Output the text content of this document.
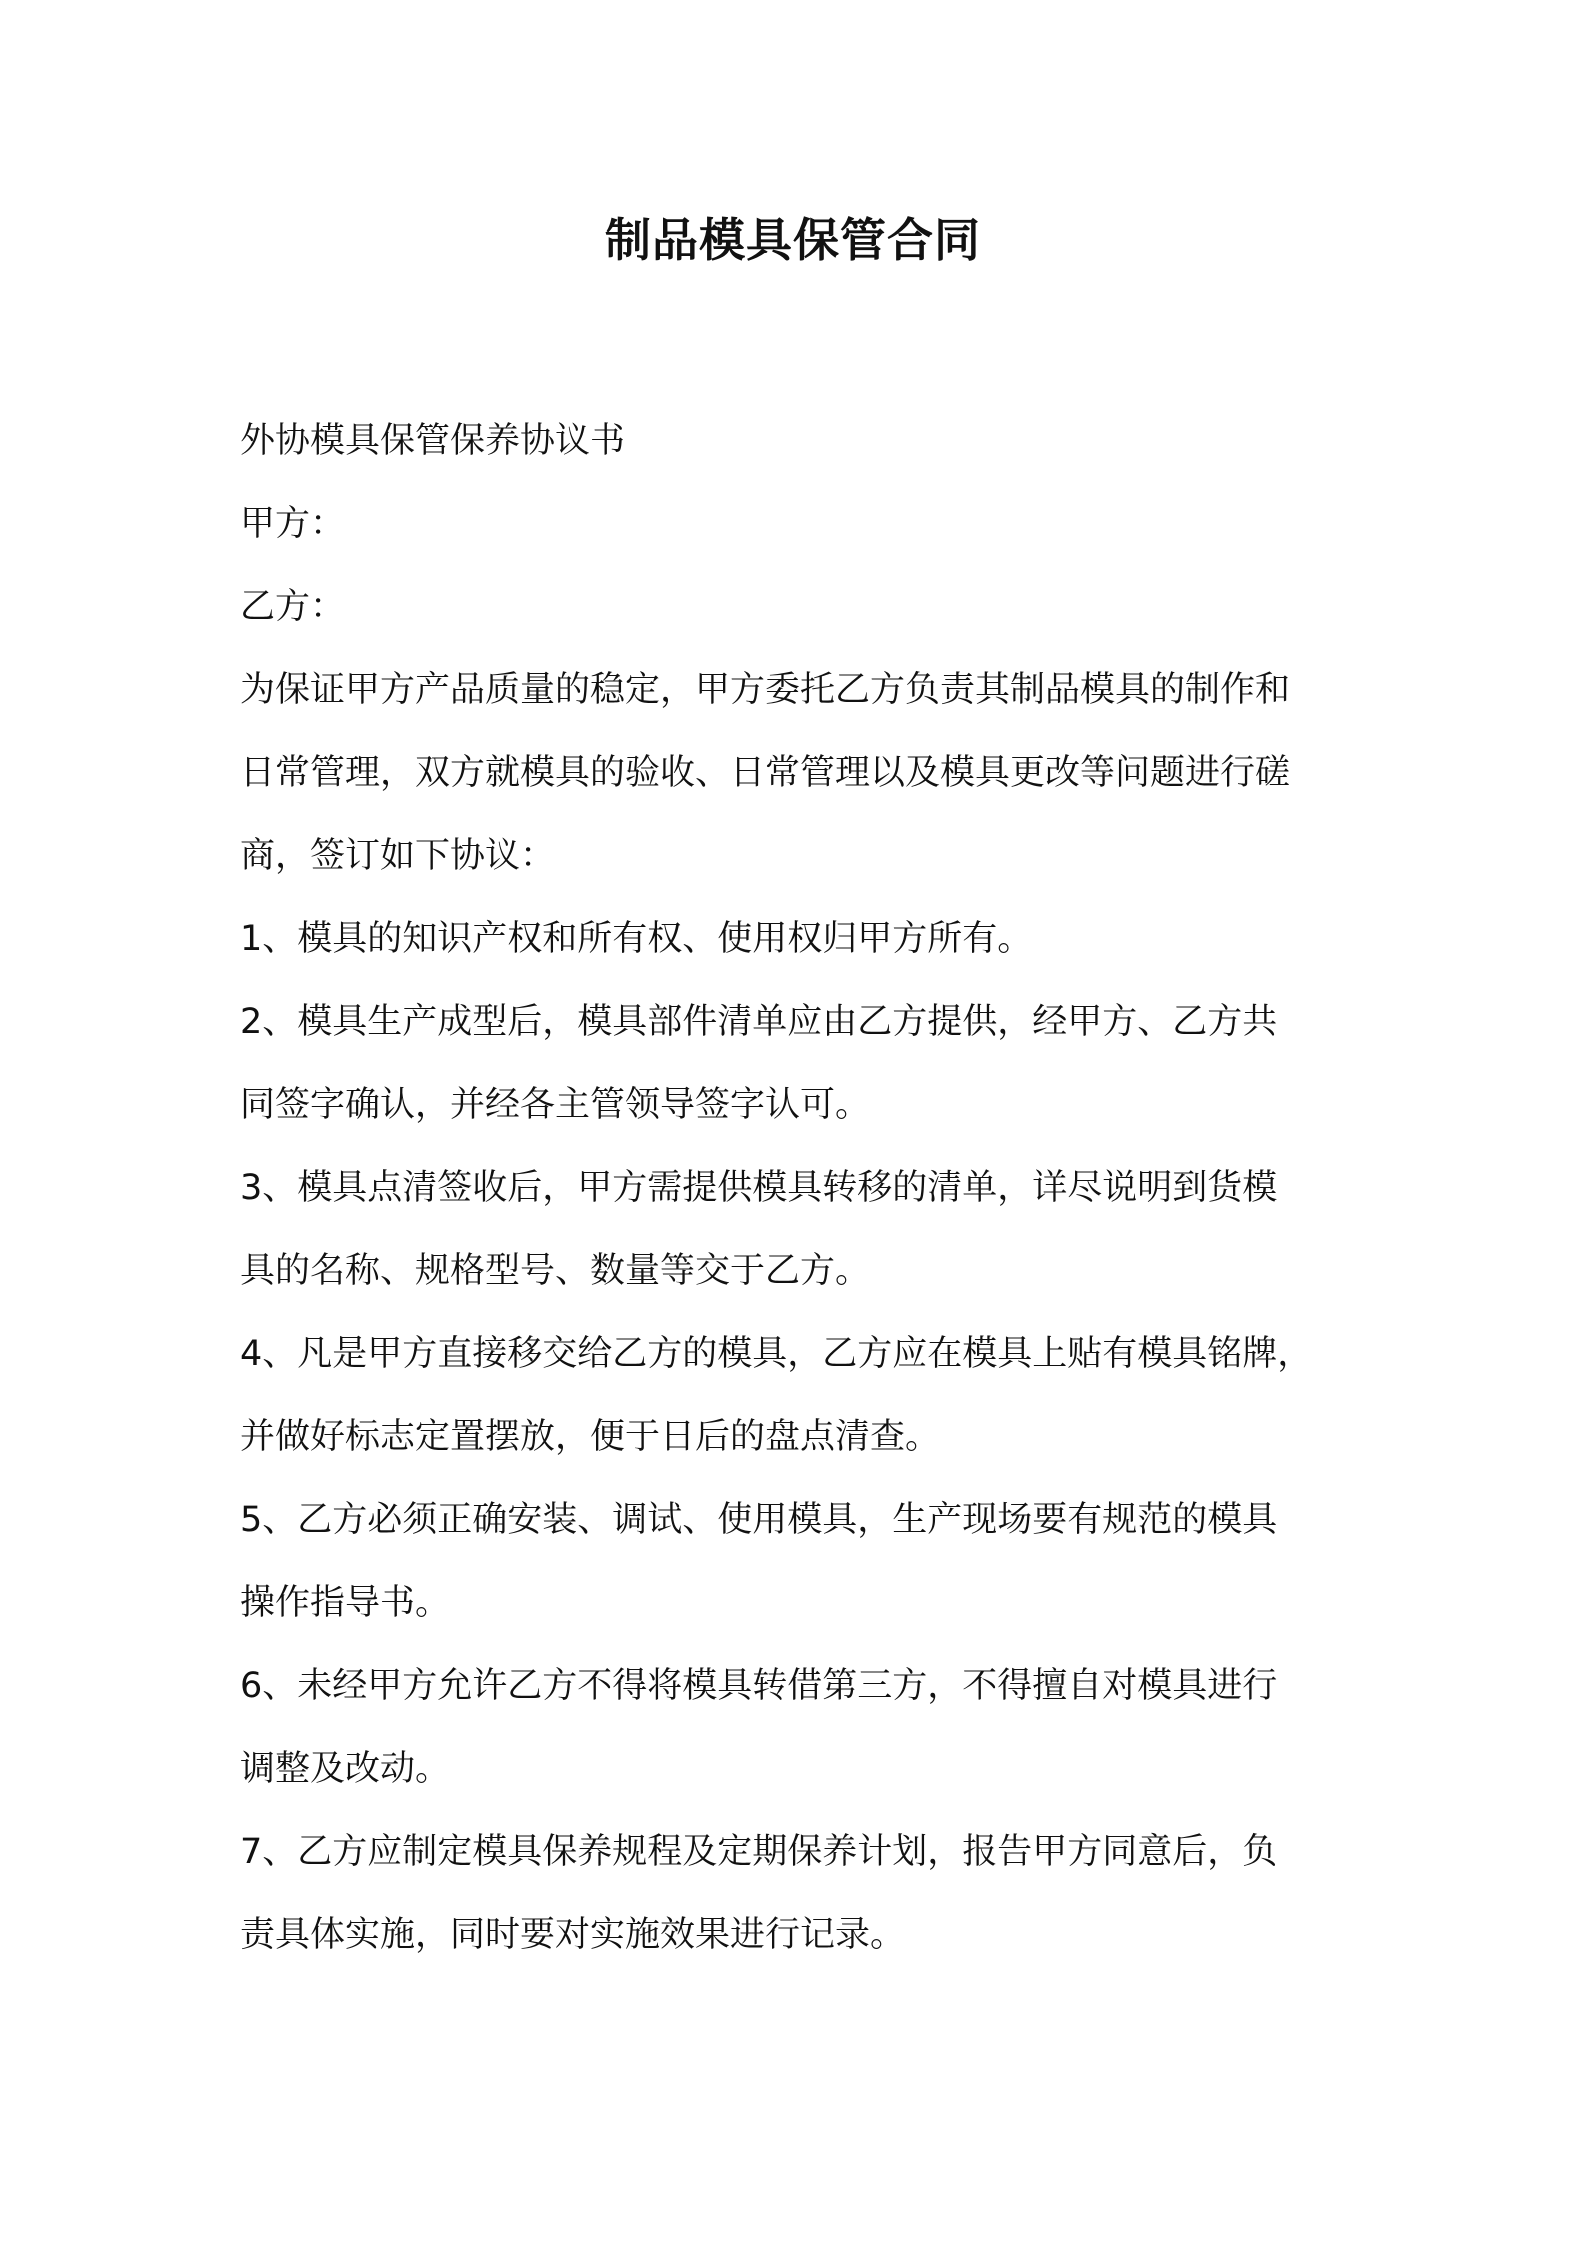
制品模具保管合同
外协模具保管保养协议书
甲方：
乙方：
为保证甲方产品质量的稳定，甲方委托乙方负责其制品模具的制作和
日常管理，双方就模具的验收、日常管理以及模具更改等问题进行磋
商，签订如下协议：
1、模具的知识产权和所有权、使用权归甲方所有。
2、模具生产成型后，模具部件清单应由乙方提供，经甲方、乙方共
同签字确认，并经各主管领导签字认可。
3、模具点清签收后，甲方需提供模具转移的清单，详尽说明到货模
具的名称、规格型号、数量等交于乙方。
4、凡是甲方直接移交给乙方的模具，乙方应在模具上贴有模具铭牌，
并做好标志定置摆放，便于日后的盘点清查。
5、乙方必须正确安装、调试、使用模具，生产现场要有规范的模具
操作指导书。
6、未经甲方允许乙方不得将模具转借第三方，不得擅自对模具进行
调整及改动。
7、乙方应制定模具保养规程及定期保养计划，报告甲方同意后，负
责具体实施，同时要对实施效果进行记录。
